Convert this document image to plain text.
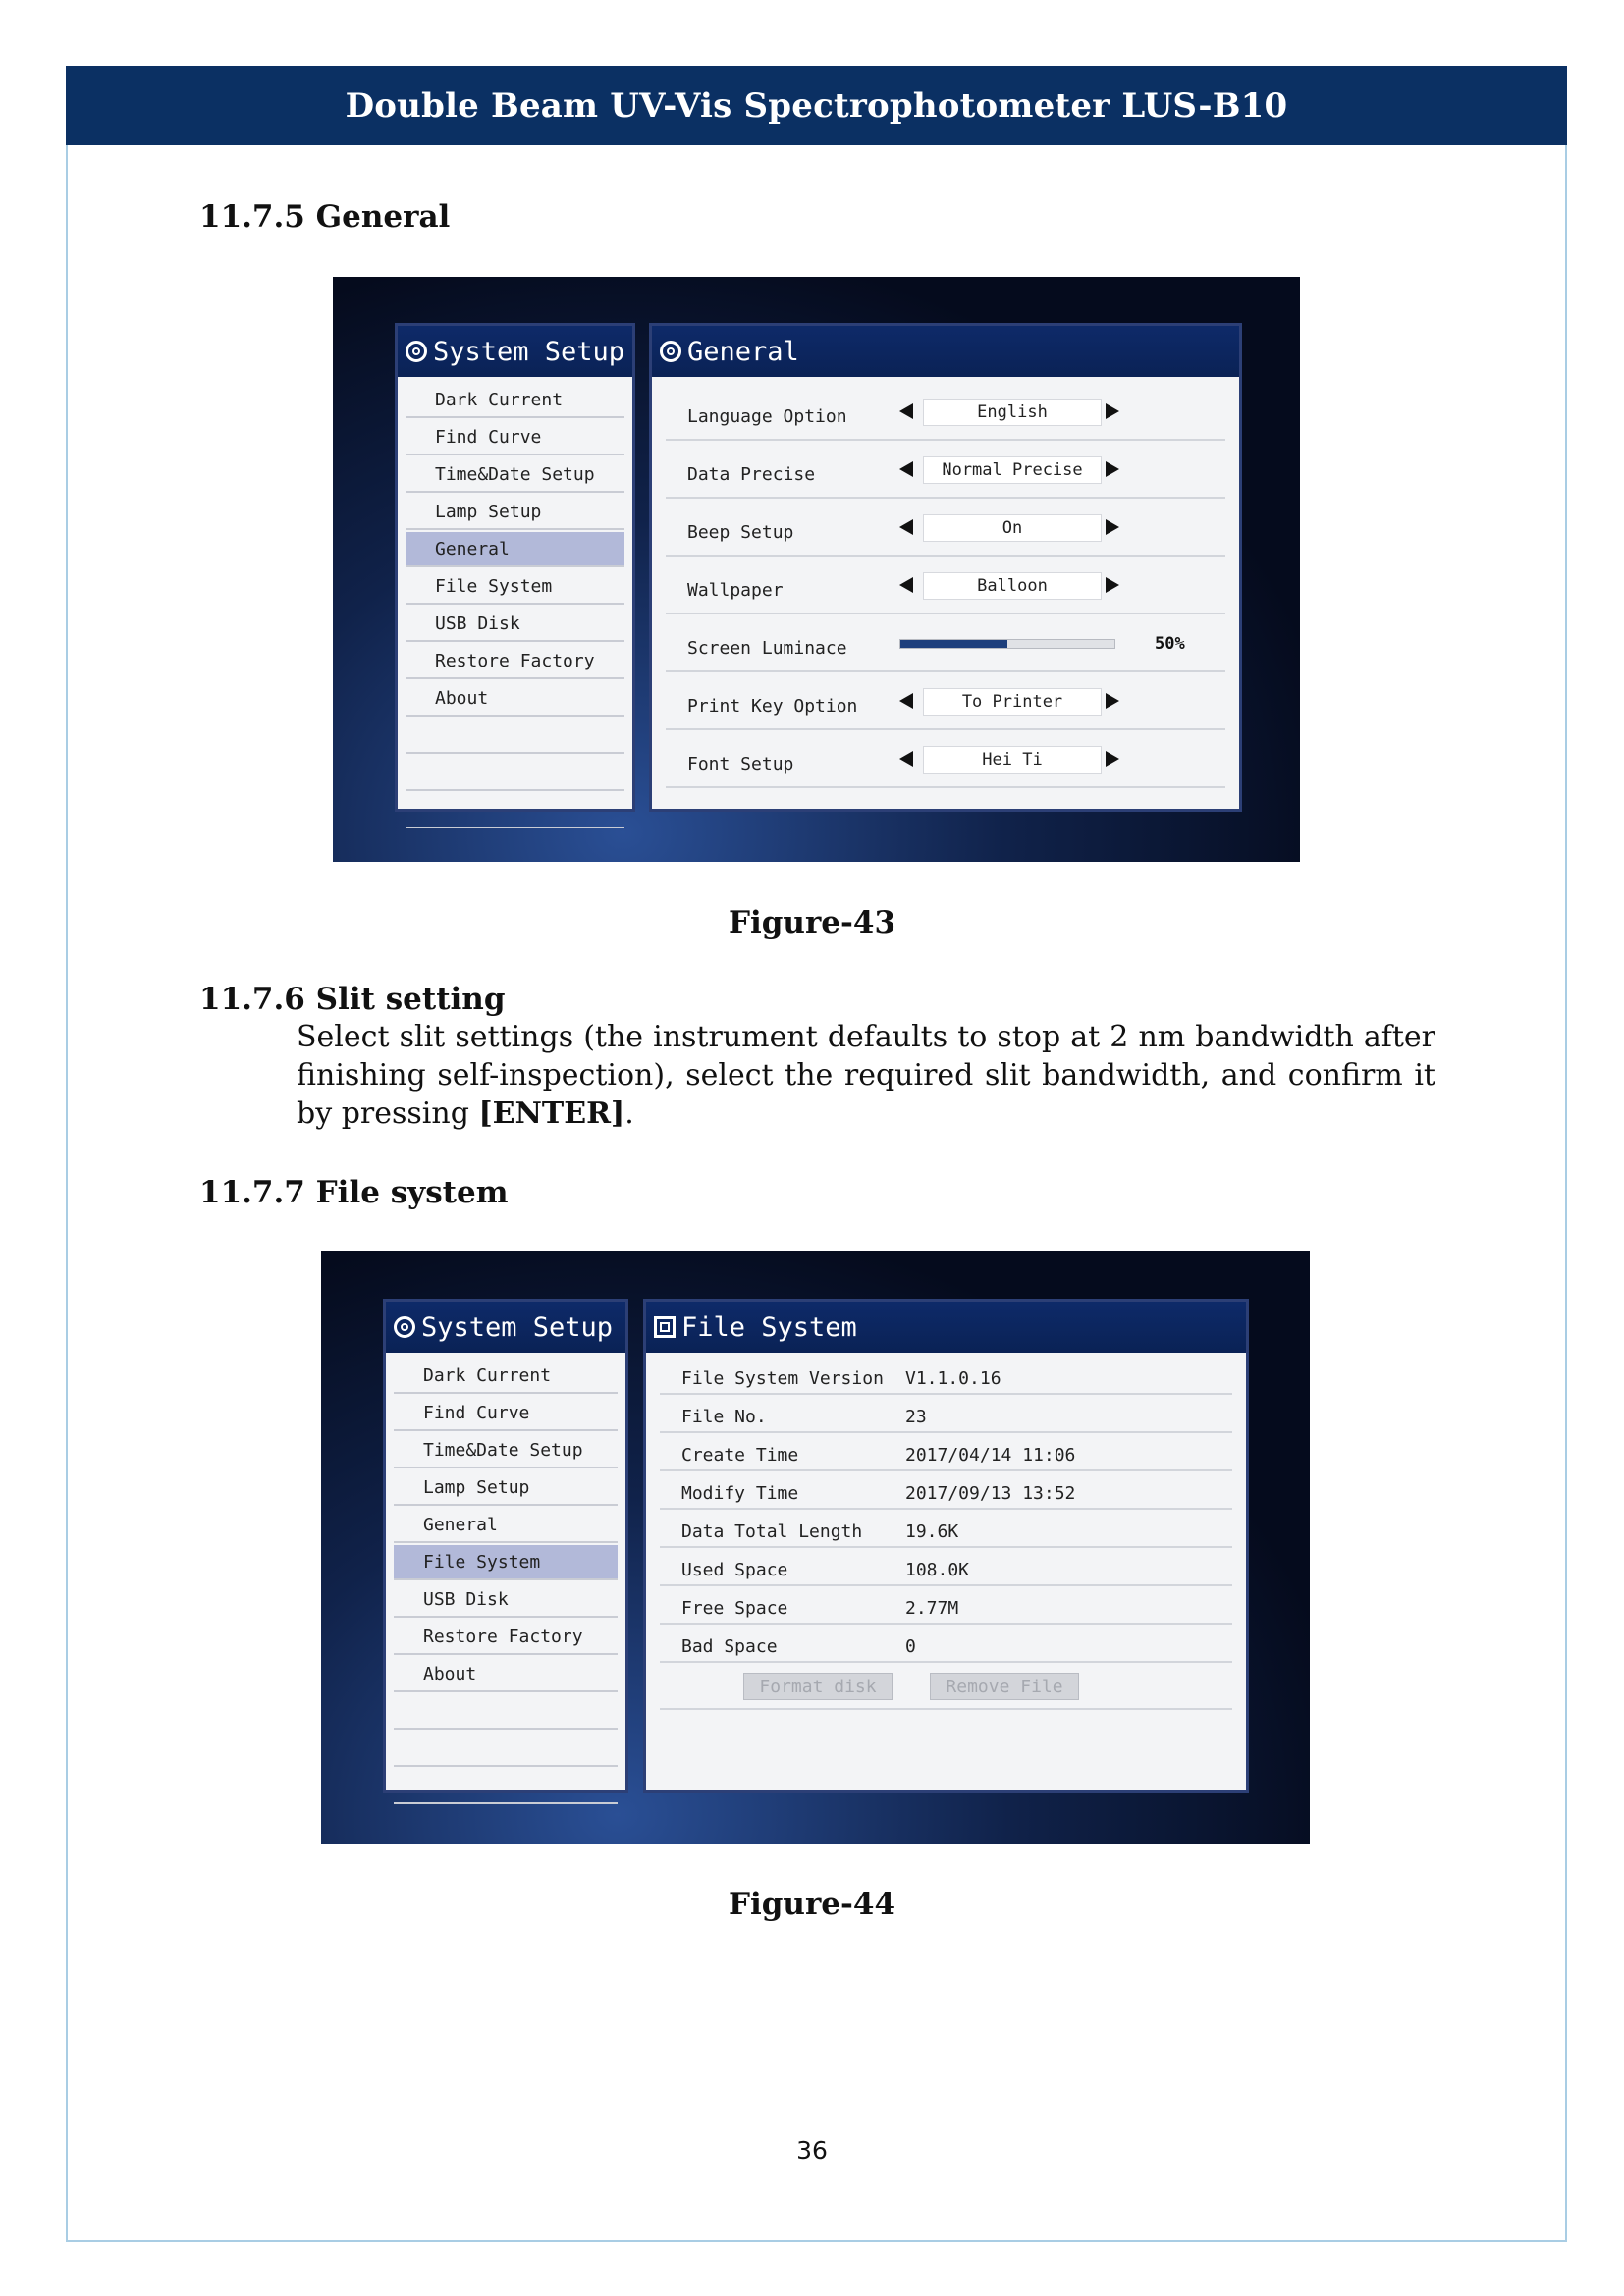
Double Beam UV-Vis Spectrophotometer LUS-B10
11.7.5 General
System Setup
Dark Current
Find Curve
Time&Date Setup
Lamp Setup
General
File System
USB Disk
Restore Factory
About
General
Language Option	English
Data Precise	Normal Precise
Beep Setup	On
Wallpaper	Balloon
Screen Luminace	50%
Print Key Option	To Printer
Font Setup	Hei Ti
Figure-43
11.7.6 Slit setting
Select slit settings (the instrument defaults to stop at 2 nm bandwidth after finishing self-inspection), select the required slit bandwidth, and confirm it by pressing [ENTER].
11.7.7 File system
System Setup
Dark Current
Find Curve
Time&Date Setup
Lamp Setup
General
File System
USB Disk
Restore Factory
About
File System
File System Version V1.1.0.16
File No.	23
Create Time	2017/04/14 11:06
Modify Time	2017/09/13 13:52
Data Total Length 19.6K
Used Space	108.0K
Free Space	2.77M
Bad Space	0
Format disk	Remove File
Figure-44
36
